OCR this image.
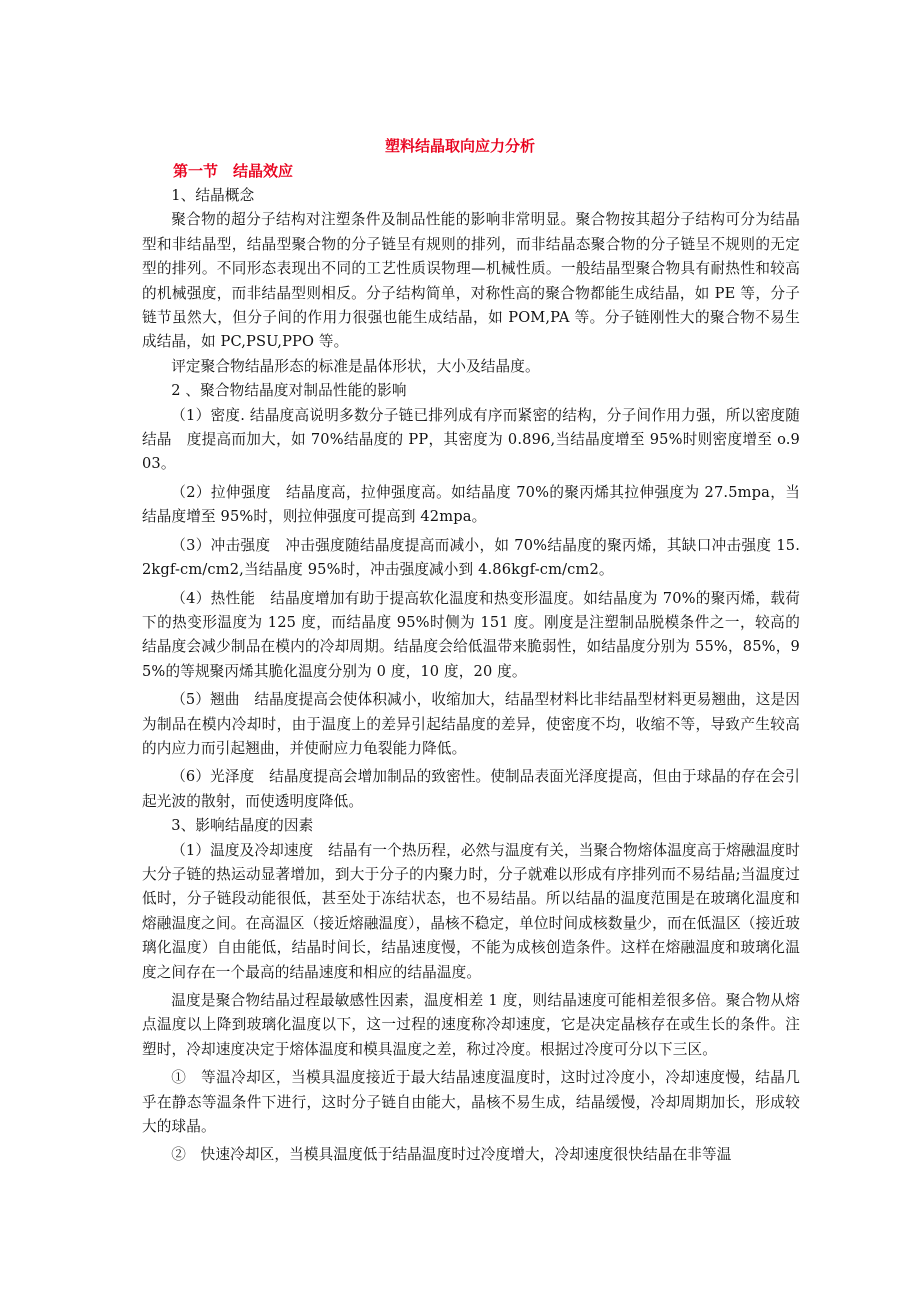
塑料结晶取向应力分析
第一节　结晶效应

1、结晶概念

聚合物的超分子结构对注塑条件及制品性能的影响非常明显。聚合物按其超分子结构可分为结晶型和非结晶型，结晶型聚合物的分子链呈有规则的排列，而非结晶态聚合物的分子链呈不规则的无定型的排列。不同形态表现出不同的工艺性质误物理—机械性质。一般结晶型聚合物具有耐热性和较高的机械强度，而非结晶型则相反。分子结构简单，对称性高的聚合物都能生成结晶，如 PE 等，分子链节虽然大，但分子间的作用力很强也能生成结晶，如 POM,PA 等。分子链刚性大的聚合物不易生成结晶，如 PC,PSU,PPO 等。

评定聚合物结晶形态的标准是晶体形状，大小及结晶度。

2 、聚合物结晶度对制品性能的影响

（1）密度. 结晶度高说明多数分子链已排列成有序而紧密的结构，分子间作用力强，所以密度随结晶　度提高而加大，如 70%结晶度的 PP，其密度为 0.896,当结晶度增至 95%时则密度增至 o.903。

（2）拉伸强度　结晶度高，拉伸强度高。如结晶度 70%的聚丙烯其拉伸强度为 27.5mpa，当结晶度增至 95%时，则拉伸强度可提高到 42mpa。

（3）冲击强度　冲击强度随结晶度提高而减小，如 70%结晶度的聚丙烯，其缺口冲击强度 15.2kgf-cm/cm2,当结晶度 95%时，冲击强度减小到 4.86kgf-cm/cm2。

（4）热性能　结晶度增加有助于提高软化温度和热变形温度。如结晶度为 70%的聚丙烯，载荷下的热变形温度为 125 度，而结晶度 95%时侧为 151 度。刚度是注塑制品脱模条件之一，较高的结晶度会减少制品在模内的冷却周期。结晶度会给低温带来脆弱性，如结晶度分别为 55%，85%，95%的等规聚丙烯其脆化温度分别为 0 度，10 度，20 度。

（5）翘曲　结晶度提高会使体积减小，收缩加大，结晶型材料比非结晶型材料更易翘曲，这是因为制品在模内冷却时，由于温度上的差异引起结晶度的差异，使密度不均，收缩不等，导致产生较高的内应力而引起翘曲，并使耐应力龟裂能力降低。

（6）光泽度　结晶度提高会增加制品的致密性。使制品表面光泽度提高，但由于球晶的存在会引起光波的散射，而使透明度降低。

3、影响结晶度的因素

（1）温度及冷却速度　结晶有一个热历程，必然与温度有关，当聚合物熔体温度高于熔融温度时大分子链的热运动显著增加，到大于分子的内聚力时，分子就难以形成有序排列而不易结晶;当温度过低时，分子链段动能很低，甚至处于冻结状态，也不易结晶。所以结晶的温度范围是在玻璃化温度和熔融温度之间。在高温区（接近熔融温度），晶核不稳定，单位时间成核数量少，而在低温区（接近玻璃化温度）自由能低，结晶时间长，结晶速度慢，不能为成核创造条件。这样在熔融温度和玻璃化温度之间存在一个最高的结晶速度和相应的结晶温度。

温度是聚合物结晶过程最敏感性因素，温度相差 1 度，则结晶速度可能相差很多倍。聚合物从熔点温度以上降到玻璃化温度以下，这一过程的速度称冷却速度，它是决定晶核存在或生长的条件。注塑时，冷却速度决定于熔体温度和模具温度之差，称过冷度。根据过冷度可分以下三区。

①　等温冷却区，当模具温度接近于最大结晶速度温度时，这时过冷度小，冷却速度慢，结晶几乎在静态等温条件下进行，这时分子链自由能大，晶核不易生成，结晶缓慢，冷却周期加长，形成较大的球晶。

②　快速冷却区，当模具温度低于结晶温度时过冷度增大，冷却速度很快结晶在非等温
